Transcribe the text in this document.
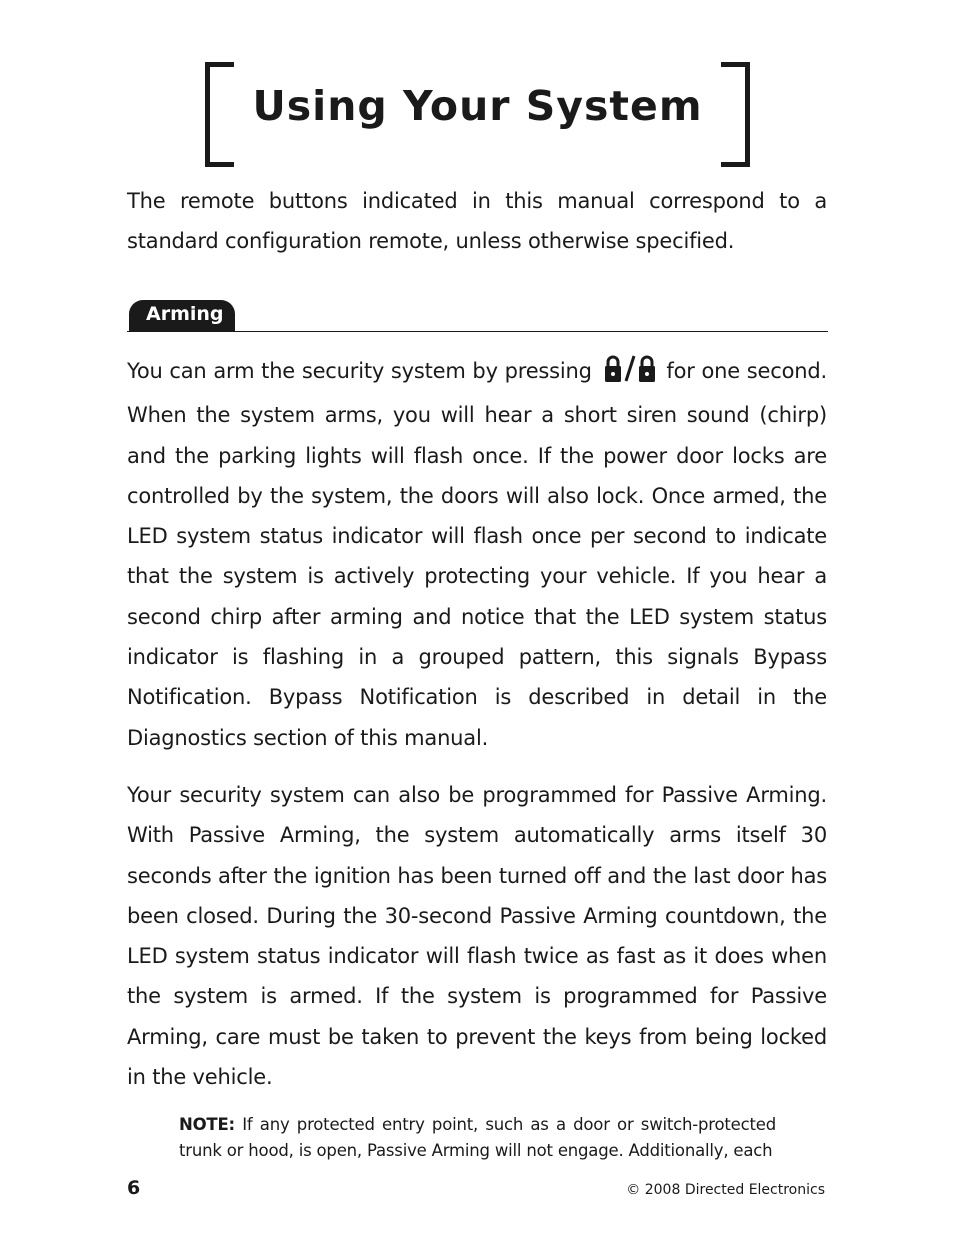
Using Your System

The remote buttons indicated in this manual correspond to a standard configuration remote, unless otherwise specified.

Arming

You can arm the security system by pressing	for one second. When the system arms, you will hear a short siren sound (chirp) and the parking lights will flash once. If the power door locks are controlled by the system, the doors will also lock. Once armed, the LED system status indicator will flash once per second to indicate that the system is actively protecting your vehicle. If you hear a second chirp after arming and notice that the LED system status indicator is flashing in a grouped pattern, this signals Bypass Notification. Bypass Notification is described in detail in the Diagnostics section of this manual.

Your security system can also be programmed for Passive Arming. With Passive Arming, the system automatically arms itself 30 seconds after the ignition has been turned off and the last door has been closed. During the 30-second Passive Arming countdown, the LED system status indicator will flash twice as fast as it does when the system is armed. If the system is programmed for Passive Arming, care must be taken to prevent the keys from being locked in the vehicle.

NOTE: If any protected entry point, such as a door or switch-protected trunk or hood, is open, Passive Arming will not engage. Additionally, each

6	© 2008 Directed Electronics
